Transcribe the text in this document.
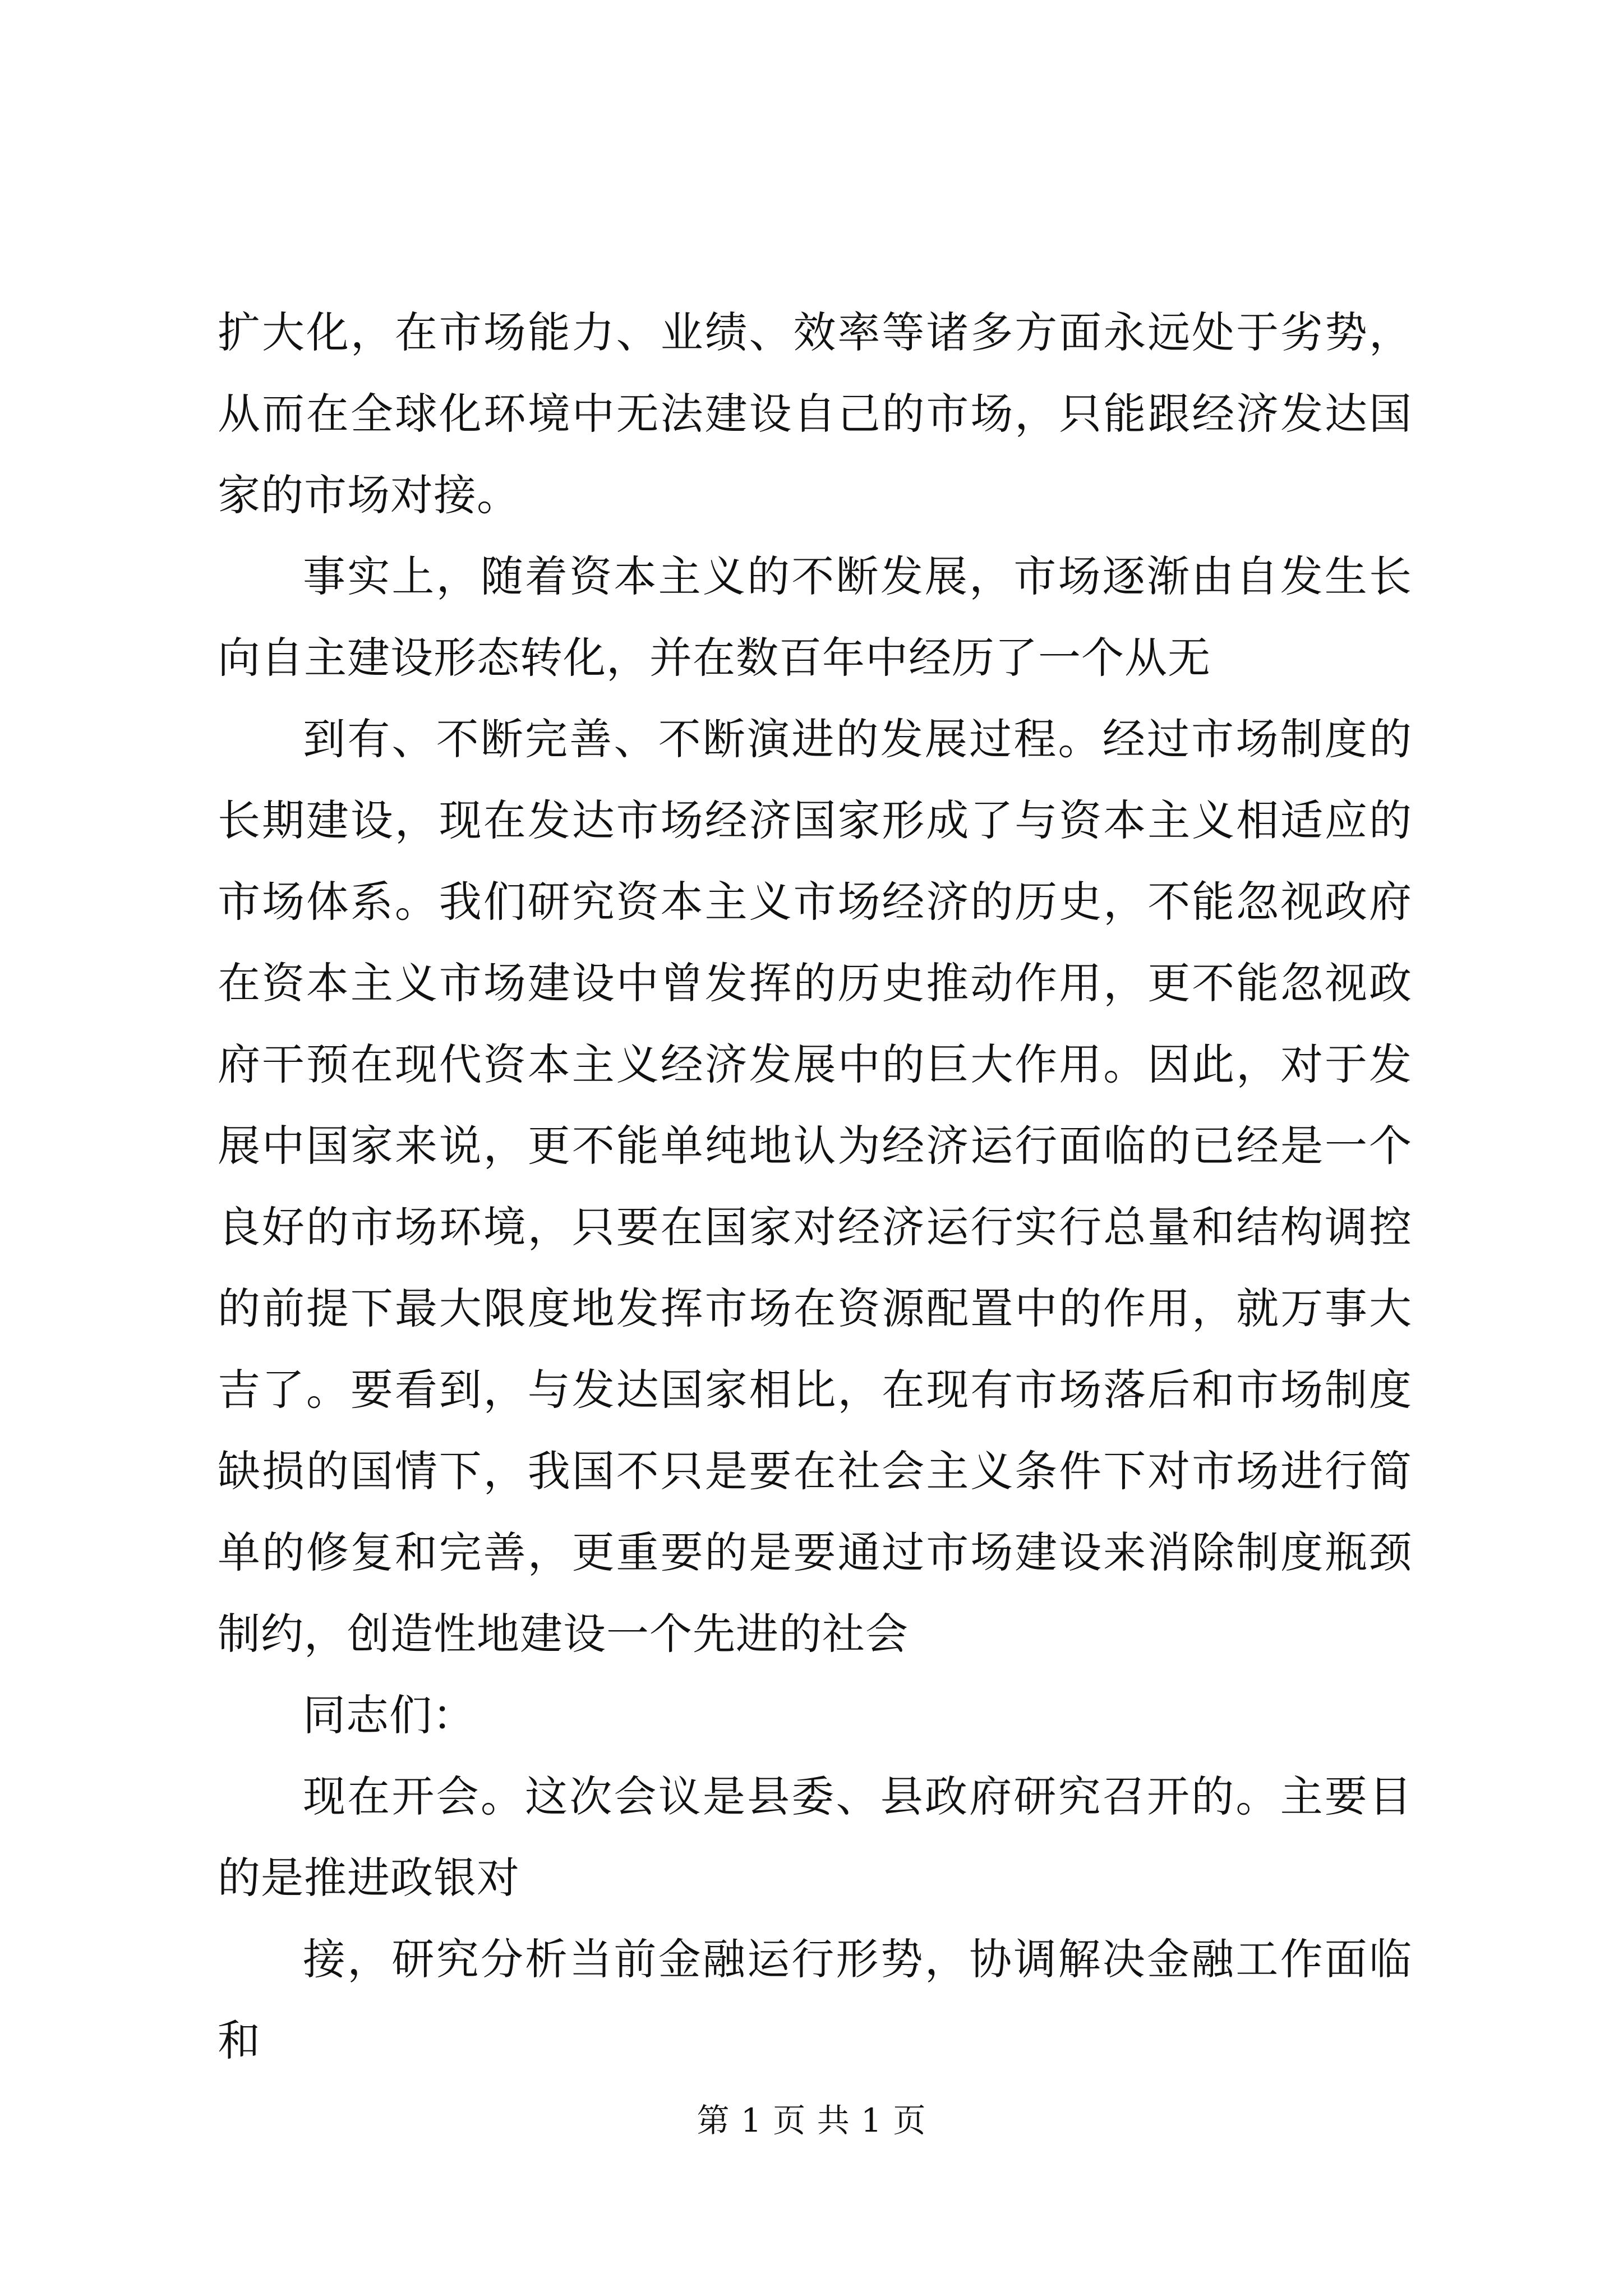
扩大化，在市场能力、业绩、效率等诸多方面永远处于劣势，从而在全球化环境中无法建设自己的市场，只能跟经济发达国家的市场对接。

事实上，随着资本主义的不断发展，市场逐渐由自发生长向自主建设形态转化，并在数百年中经历了一个从无

到有、不断完善、不断演进的发展过程。经过市场制度的长期建设，现在发达市场经济国家形成了与资本主义相适应的市场体系。我们研究资本主义市场经济的历史，不能忽视政府在资本主义市场建设中曾发挥的历史推动作用，更不能忽视政府干预在现代资本主义经济发展中的巨大作用。因此，对于发展中国家来说，更不能单纯地认为经济运行面临的已经是一个良好的市场环境，只要在国家对经济运行实行总量和结构调控的前提下最大限度地发挥市场在资源配置中的作用，就万事大吉了。要看到，与发达国家相比，在现有市场落后和市场制度缺损的国情下，我国不只是要在社会主义条件下对市场进行简单的修复和完善，更重要的是要通过市场建设来消除制度瓶颈制约，创造性地建设一个先进的社会

同志们：

现在开会。这次会议是县委、县政府研究召开的。主要目的是推进政银对

接，研究分析当前金融运行形势，协调解决金融工作面临和

第 1 页 共 1 页
